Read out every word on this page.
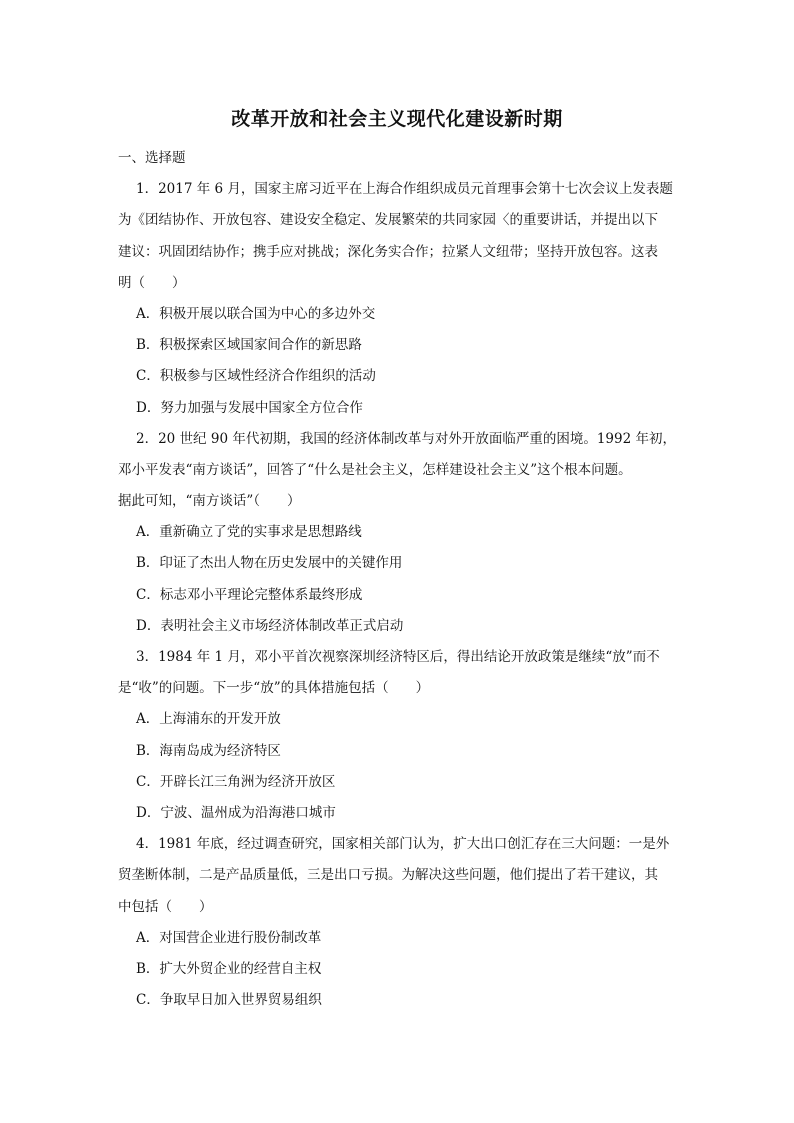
改革开放和社会主义现代化建设新时期
一、选择题
1．2017 年 6 月，国家主席习近平在上海合作组织成员元首理事会第十七次会议上发表题
为《团结协作、开放包容、建设安全稳定、发展繁荣的共同家园〈的重要讲话，并提出以下
建议：巩固团结协作；携手应对挑战；深化务实合作；拉紧人文纽带；坚持开放包容。这表
明（　　）
A．积极开展以联合国为中心的多边外交
B．积极探索区域国家间合作的新思路
C．积极参与区域性经济合作组织的活动
D．努力加强与发展中国家全方位合作
2．20 世纪 90 年代初期，我国的经济体制改革与对外开放面临严重的困境。1992 年初，
邓小平发表“南方谈话”，回答了“什么是社会主义，怎样建设社会主义”这个根本问题。
据此可知，“南方谈话”（　　）
A．重新确立了党的实事求是思想路线
B．印证了杰出人物在历史发展中的关键作用
C．标志邓小平理论完整体系最终形成
D．表明社会主义市场经济体制改革正式启动
3．1984 年 1 月，邓小平首次视察深圳经济特区后，得出结论开放政策是继续“放”而不
是“收”的问题。下一步“放”的具体措施包括（　　）
A．上海浦东的开发开放
B．海南岛成为经济特区
C．开辟长江三角洲为经济开放区
D．宁波、温州成为沿海港口城市
4．1981 年底，经过调查研究，国家相关部门认为，扩大出口创汇存在三大问题：一是外
贸垄断体制，二是产品质量低，三是出口亏损。为解决这些问题，他们提出了若干建议，其
中包括（　　）
A．对国营企业进行股份制改革
B．扩大外贸企业的经营自主权
C．争取早日加入世界贸易组织
